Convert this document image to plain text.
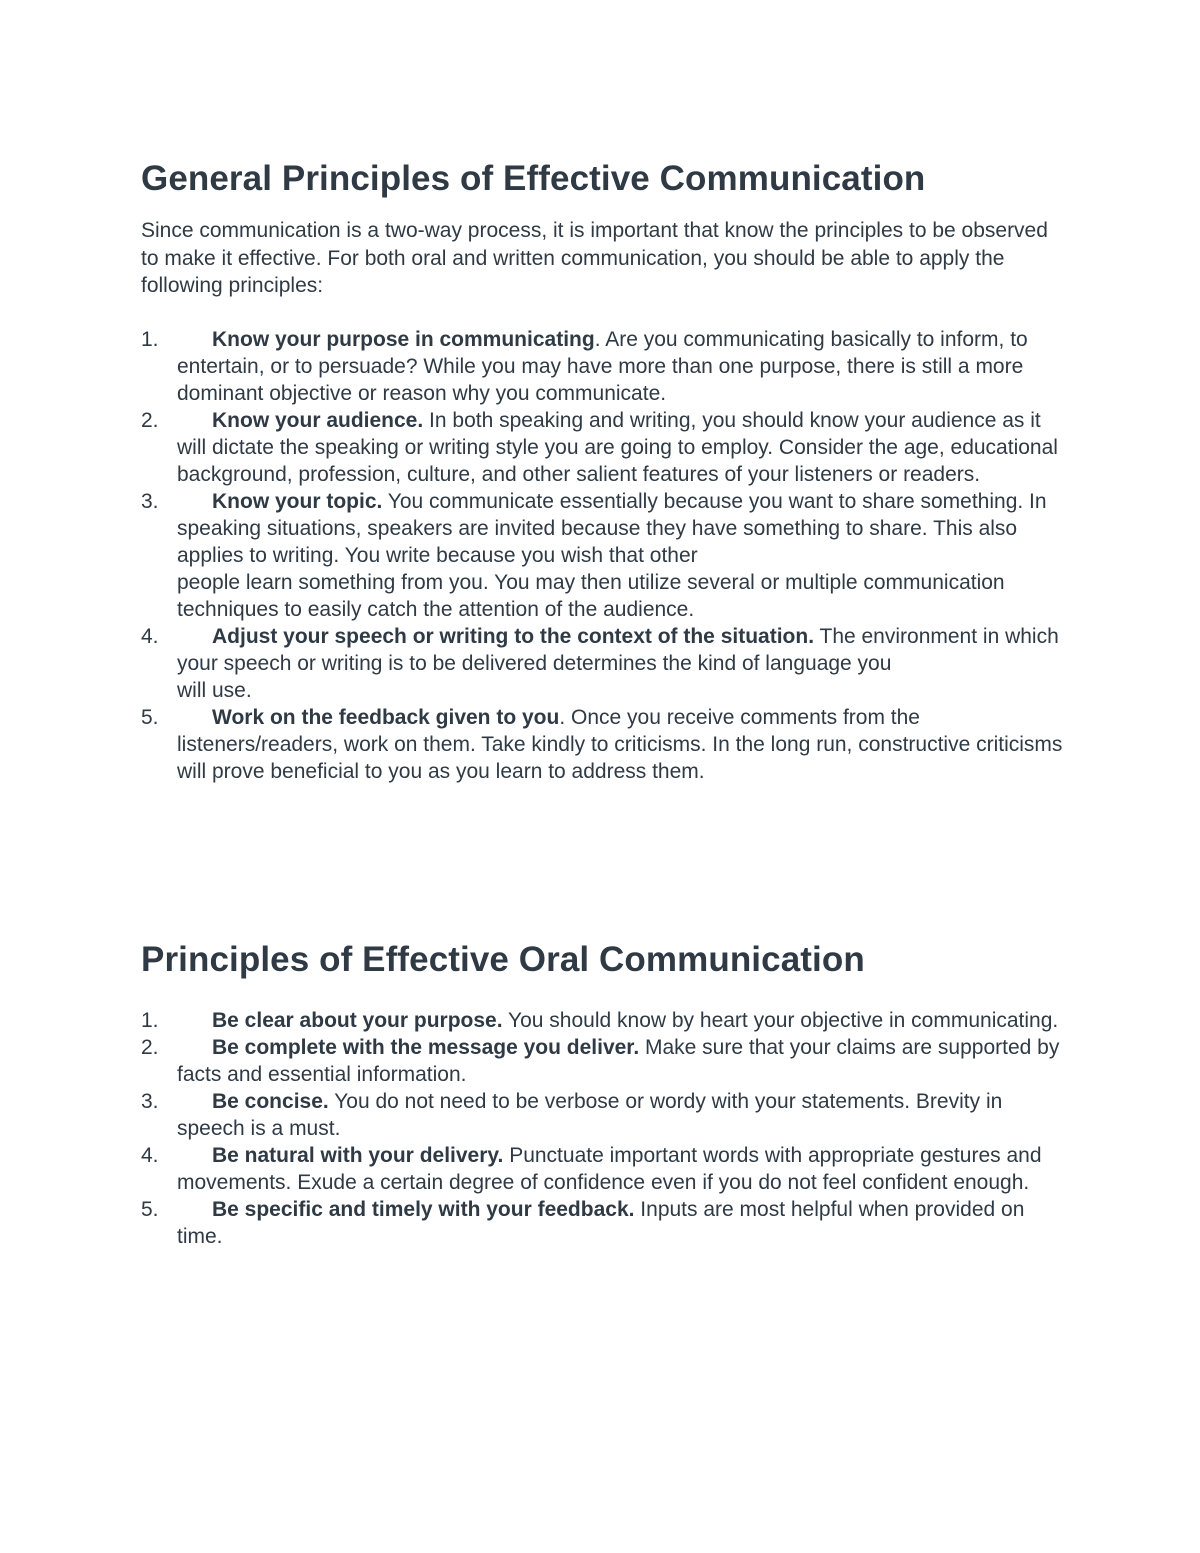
General Principles of Effective Communication

Since communication is a two-way process, it is important that know the principles to be observed to make it effective. For both oral and written communication, you should be able to apply the following principles:

1.	Know your purpose in communicating. Are you communicating basically to inform, to entertain, or to persuade? While you may have more than one purpose, there is still a more dominant objective or reason why you communicate.
2.	Know your audience. In both speaking and writing, you should know your audience as it will dictate the speaking or writing style you are going to employ. Consider the age, educational background, profession, culture, and other salient features of your listeners or readers.
3.	Know your topic. You communicate essentially because you want to share something. In speaking situations, speakers are invited because they have something to share. This also applies to writing. You write because you wish that other
people learn something from you. You may then utilize several or multiple communication techniques to easily catch the attention of the audience.
4.	Adjust your speech or writing to the context of the situation. The environment in which your speech or writing is to be delivered determines the kind of language you
will use.
5.	Work on the feedback given to you. Once you receive comments from the listeners/readers, work on them. Take kindly to criticisms. In the long run, constructive criticisms will prove beneficial to you as you learn to address them.
Principles of Effective Oral Communication
1.	Be clear about your purpose. You should know by heart your objective in communicating.
2.	Be complete with the message you deliver. Make sure that your claims are supported by facts and essential information.
3.	Be concise. You do not need to be verbose or wordy with your statements. Brevity in speech is a must.
4.	Be natural with your delivery. Punctuate important words with appropriate gestures and movements. Exude a certain degree of confidence even if you do not feel confident enough.
5.	Be specific and timely with your feedback. Inputs are most helpful when provided on time.
